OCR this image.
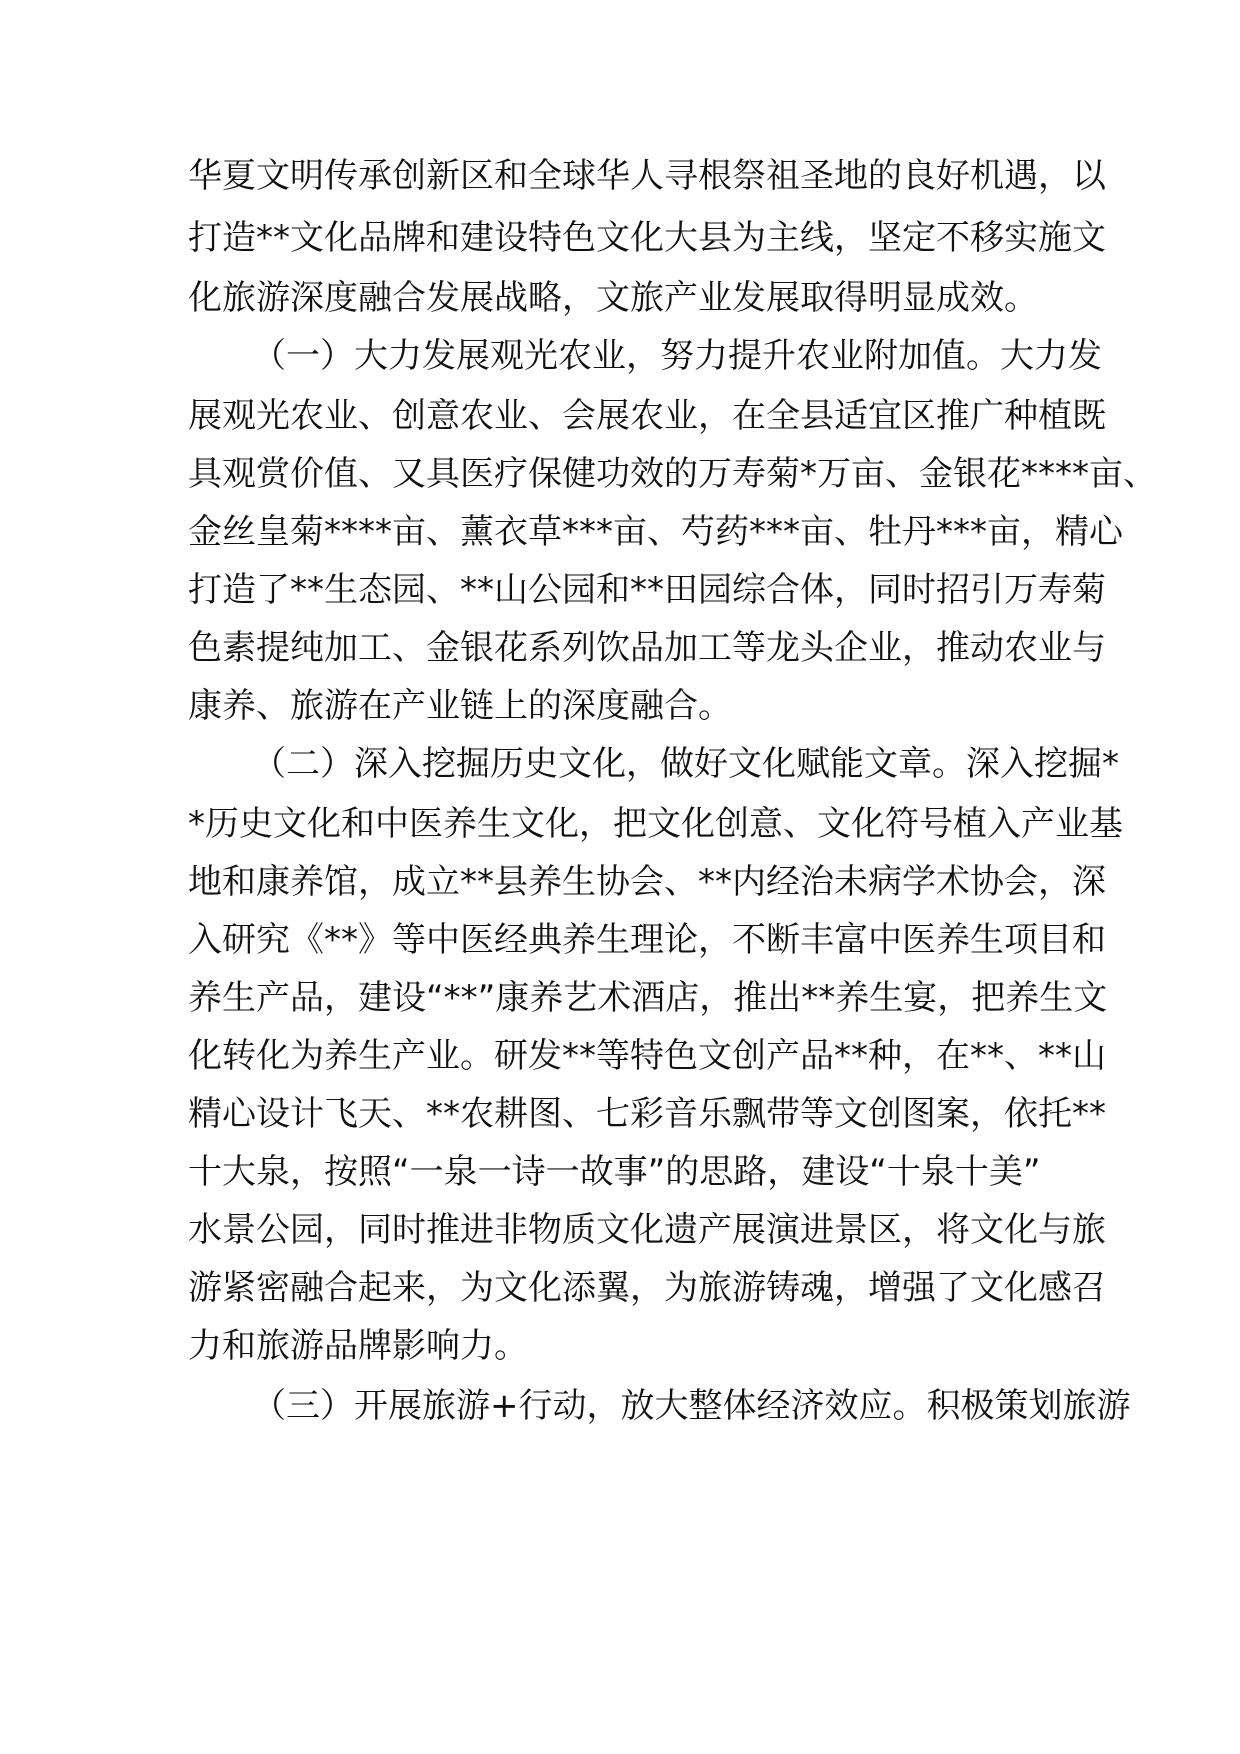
华夏文明传承创新区和全球华人寻根祭祖圣地的良好机遇，以
打造**文化品牌和建设特色文化大县为主线，坚定不移实施文
化旅游深度融合发展战略，文旅产业发展取得明显成效。
（一）大力发展观光农业，努力提升农业附加值。大力发
展观光农业、创意农业、会展农业，在全县适宜区推广种植既
具观赏价值、又具医疗保健功效的万寿菊*万亩、金银花****亩、
金丝皇菊****亩、薰衣草***亩、芍药***亩、牡丹***亩，精心
打造了**生态园、**山公园和**田园综合体，同时招引万寿菊
色素提纯加工、金银花系列饮品加工等龙头企业，推动农业与
康养、旅游在产业链上的深度融合。
（二）深入挖掘历史文化，做好文化赋能文章。深入挖掘*
*历史文化和中医养生文化，把文化创意、文化符号植入产业基
地和康养馆，成立**县养生协会、**内经治未病学术协会，深
入研究《**》等中医经典养生理论，不断丰富中医养生项目和
养生产品，建设“**”康养艺术酒店，推出**养生宴，把养生文
化转化为养生产业。研发**等特色文创产品**种，在**、**山
精心设计飞天、**农耕图、七彩音乐飘带等文创图案，依托**
十大泉，按照“一泉一诗一故事”的思路，建设“十泉十美”
水景公园，同时推进非物质文化遗产展演进景区，将文化与旅
游紧密融合起来，为文化添翼，为旅游铸魂，增强了文化感召
力和旅游品牌影响力。
（三）开展旅游+行动，放大整体经济效应。积极策划旅游
